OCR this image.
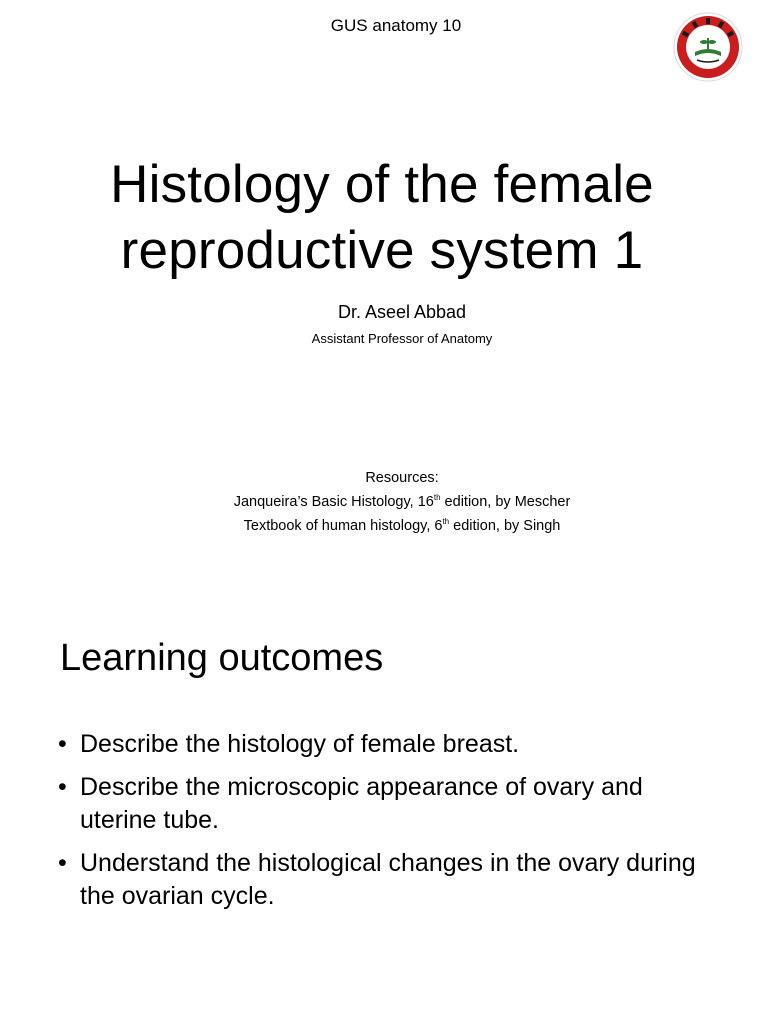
GUS anatomy 10
Histology of the female
reproductive system 1
Dr. Aseel Abbad
Assistant Professor of Anatomy
Resources:
Janqueira’s Basic Histology, 16th edition, by Mescher
Textbook of human histology, 6th edition, by Singh
Learning outcomes
• Describe the histology of female breast.
• Describe the microscopic appearance of ovary and uterine tube.
• Understand the histological changes in the ovary during the ovarian cycle.
